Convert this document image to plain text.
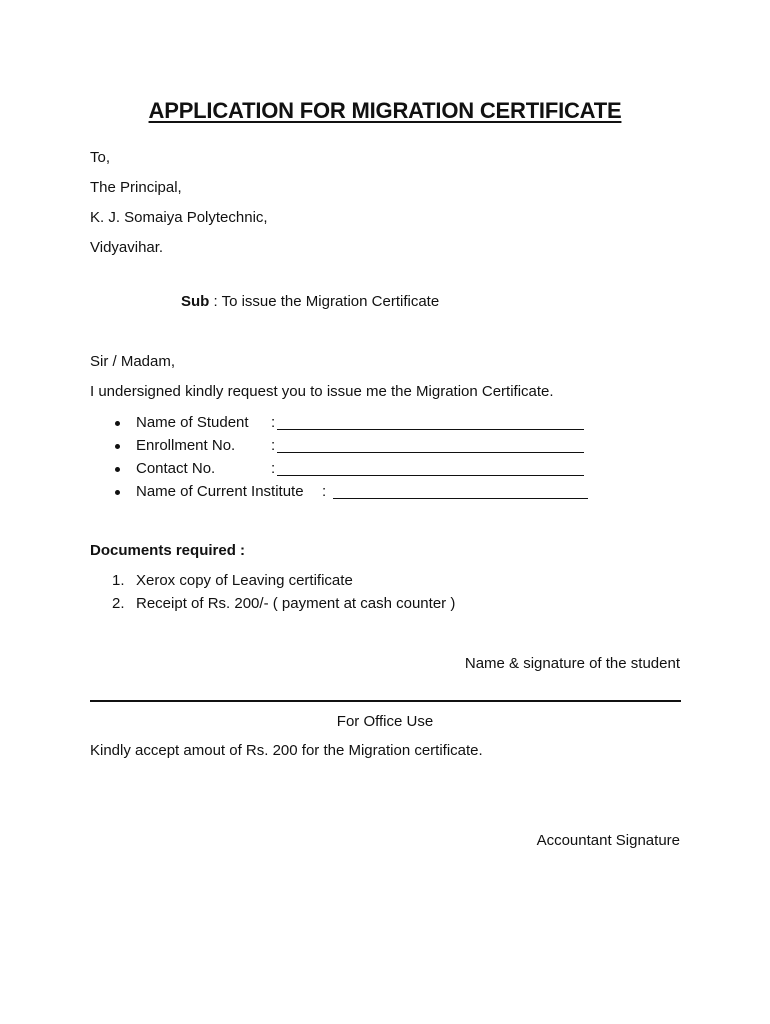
APPLICATION FOR MIGRATION CERTIFICATE
To,
The Principal,
K. J. Somaiya Polytechnic,
Vidyavihar.
Sub : To issue the Migration Certificate
Sir / Madam,
I undersigned kindly request you to issue me the Migration Certificate.
Name of Student :
Enrollment No. :
Contact No.	:
Name of Current Institute :
Documents required :
1. Xerox copy of Leaving certificate
2. Receipt of Rs. 200/- ( payment at cash counter )
Name & signature of the student
For Office Use
Kindly accept amout of Rs. 200 for the Migration certificate.
Accountant Signature
